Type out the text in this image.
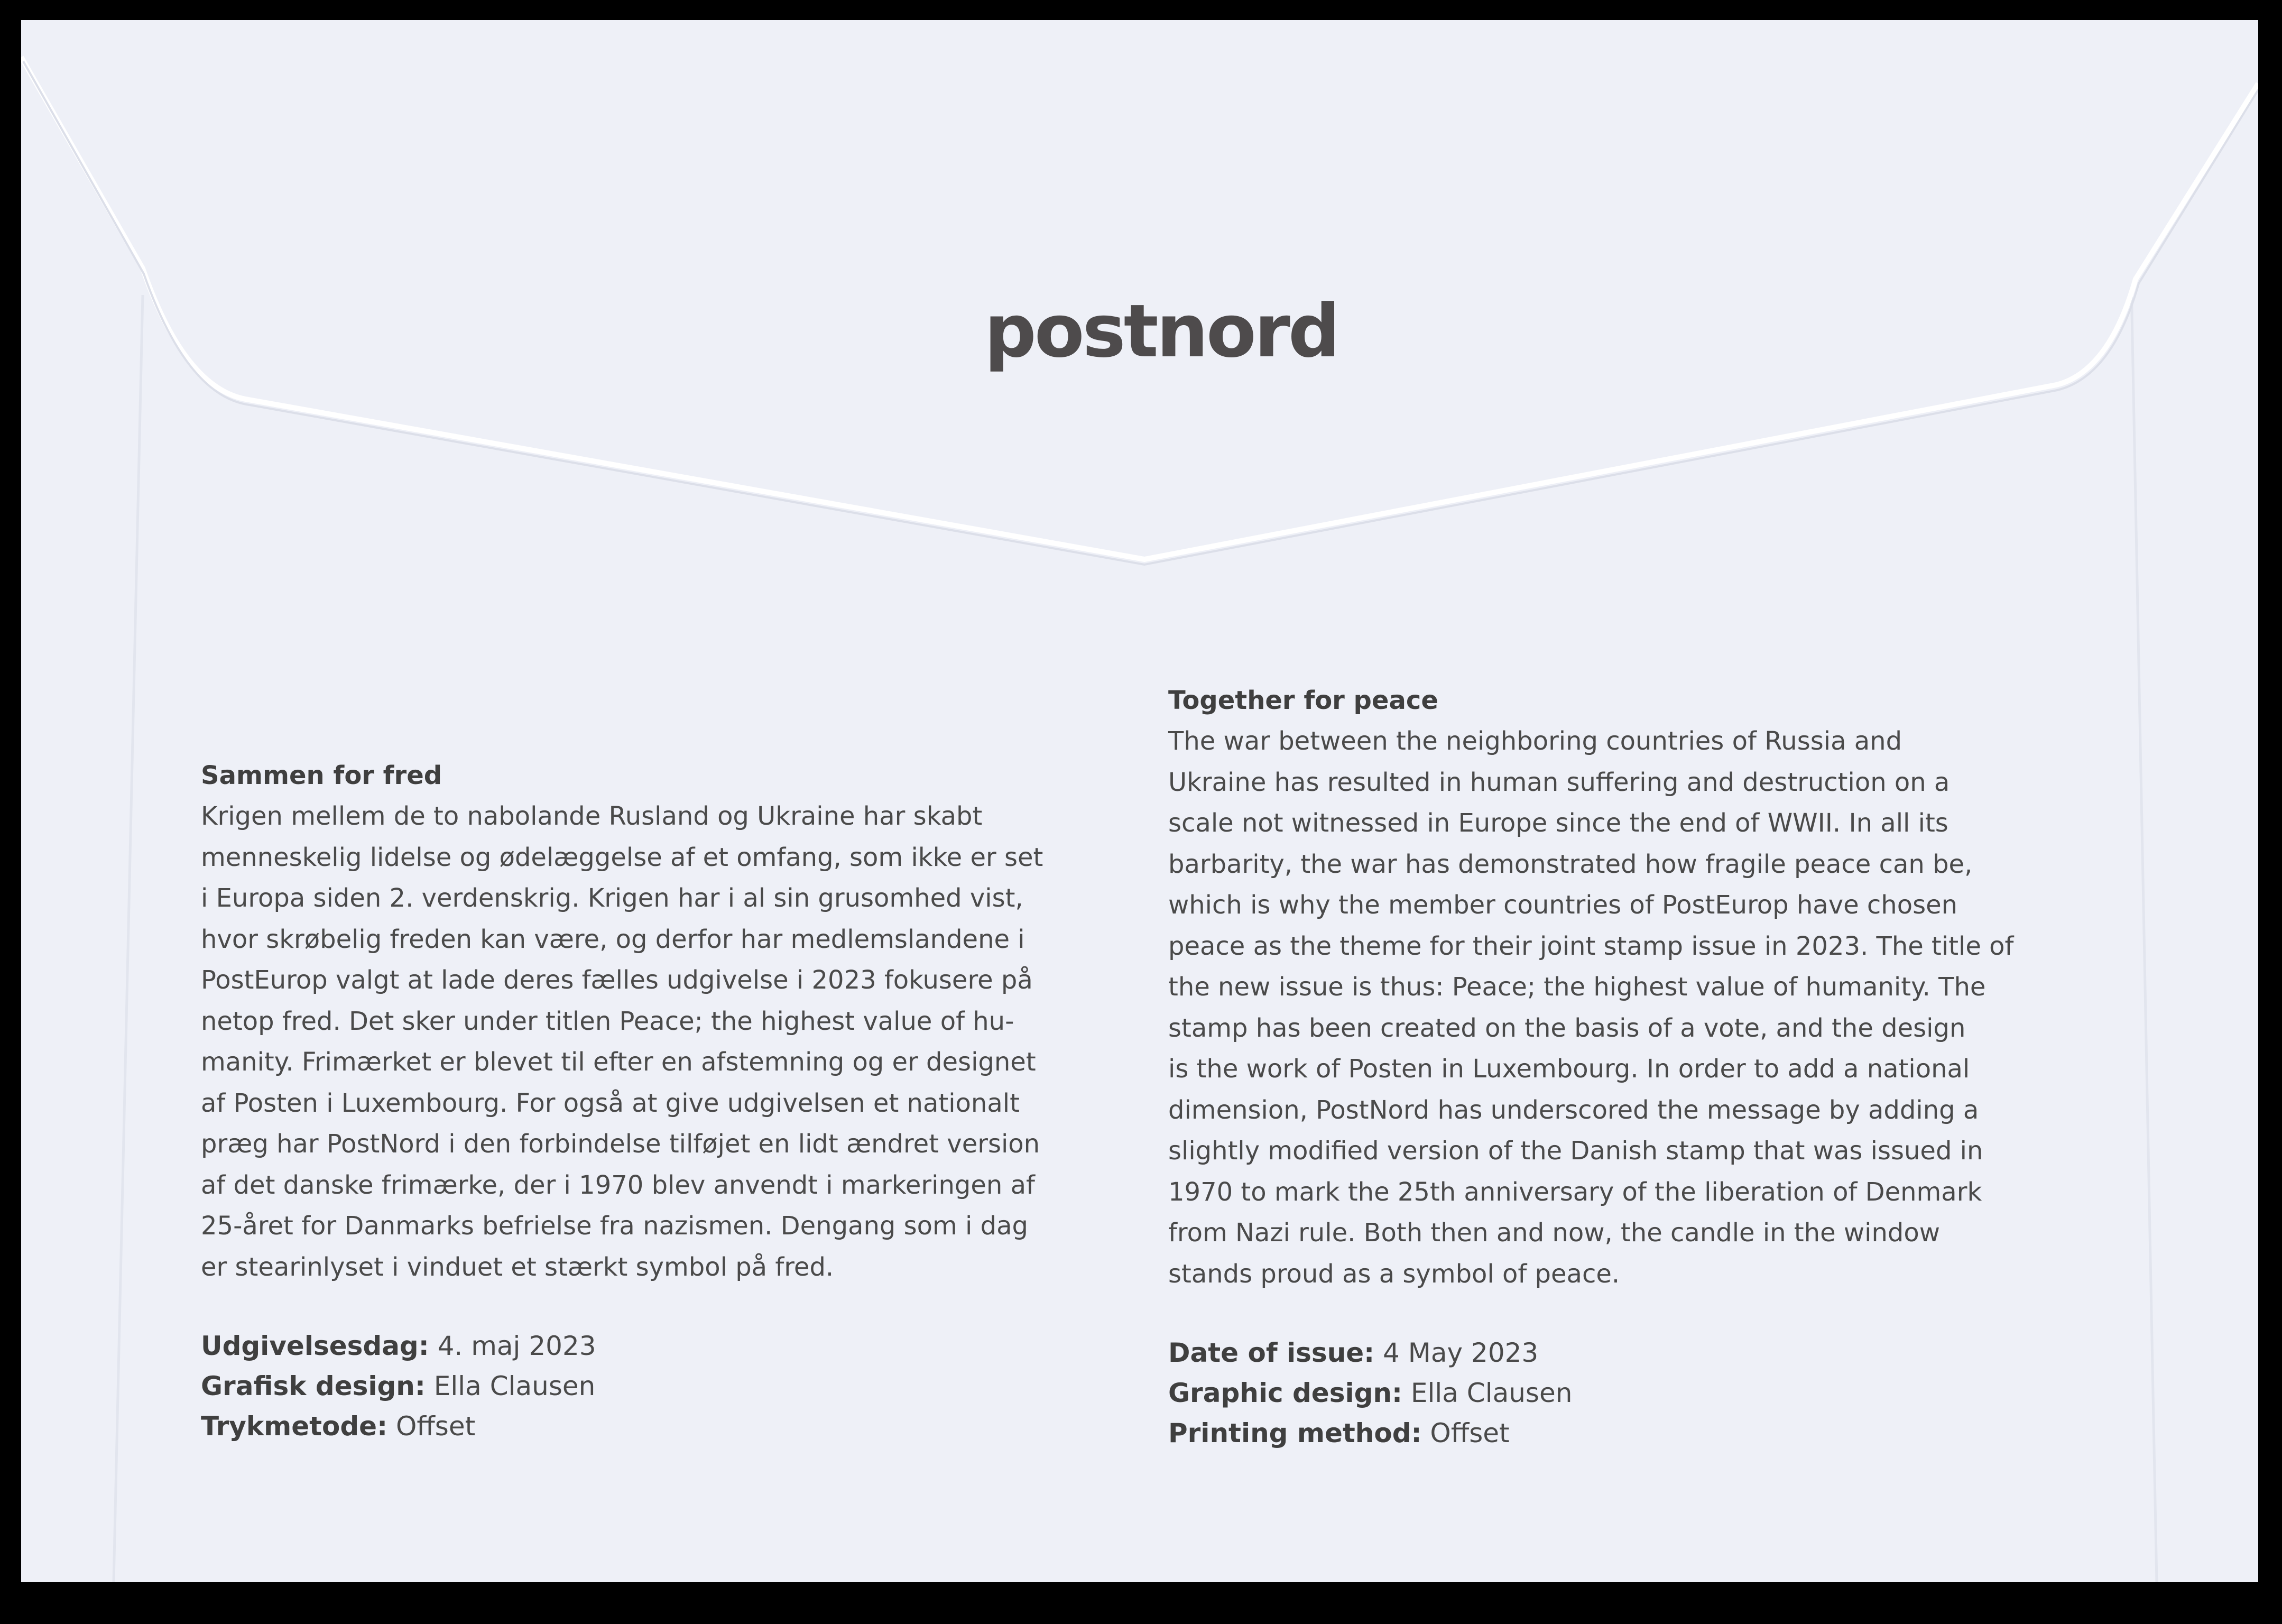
postnord
Sammen for fred
Krigen mellem de to nabolande Rusland og Ukraine har skabt
menneskelig lidelse og ødelæggelse af et omfang, som ikke er set
i Europa siden 2. verdenskrig. Krigen har i al sin grusomhed vist,
hvor skrøbelig freden kan være, og derfor har medlemslandene i
PostEurop valgt at lade deres fælles udgivelse i 2023 fokusere på
netop fred. Det sker under titlen Peace; the highest value of hu-
manity. Frimærket er blevet til efter en afstemning og er designet
af Posten i Luxembourg. For også at give udgivelsen et nationalt
præg har PostNord i den forbindelse tilføjet en lidt ændret version
af det danske frimærke, der i 1970 blev anvendt i markeringen af
25-året for Danmarks befrielse fra nazismen. Dengang som i dag
er stearinlyset i vinduet et stærkt symbol på fred.
Udgivelsesdag: 4. maj 2023
Grafisk design: Ella Clausen
Trykmetode: Offset
Together for peace
The war between the neighboring countries of Russia and
Ukraine has resulted in human suffering and destruction on a
scale not witnessed in Europe since the end of WWII. In all its
barbarity, the war has demonstrated how fragile peace can be,
which is why the member countries of PostEurop have chosen
peace as the theme for their joint stamp issue in 2023. The title of
the new issue is thus: Peace; the highest value of humanity. The
stamp has been created on the basis of a vote, and the design
is the work of Posten in Luxembourg. In order to add a national
dimension, PostNord has underscored the message by adding a
slightly modified version of the Danish stamp that was issued in
1970 to mark the 25th anniversary of the liberation of Denmark
from Nazi rule. Both then and now, the candle in the window
stands proud as a symbol of peace.
Date of issue: 4 May 2023
Graphic design: Ella Clausen
Printing method: Offset
